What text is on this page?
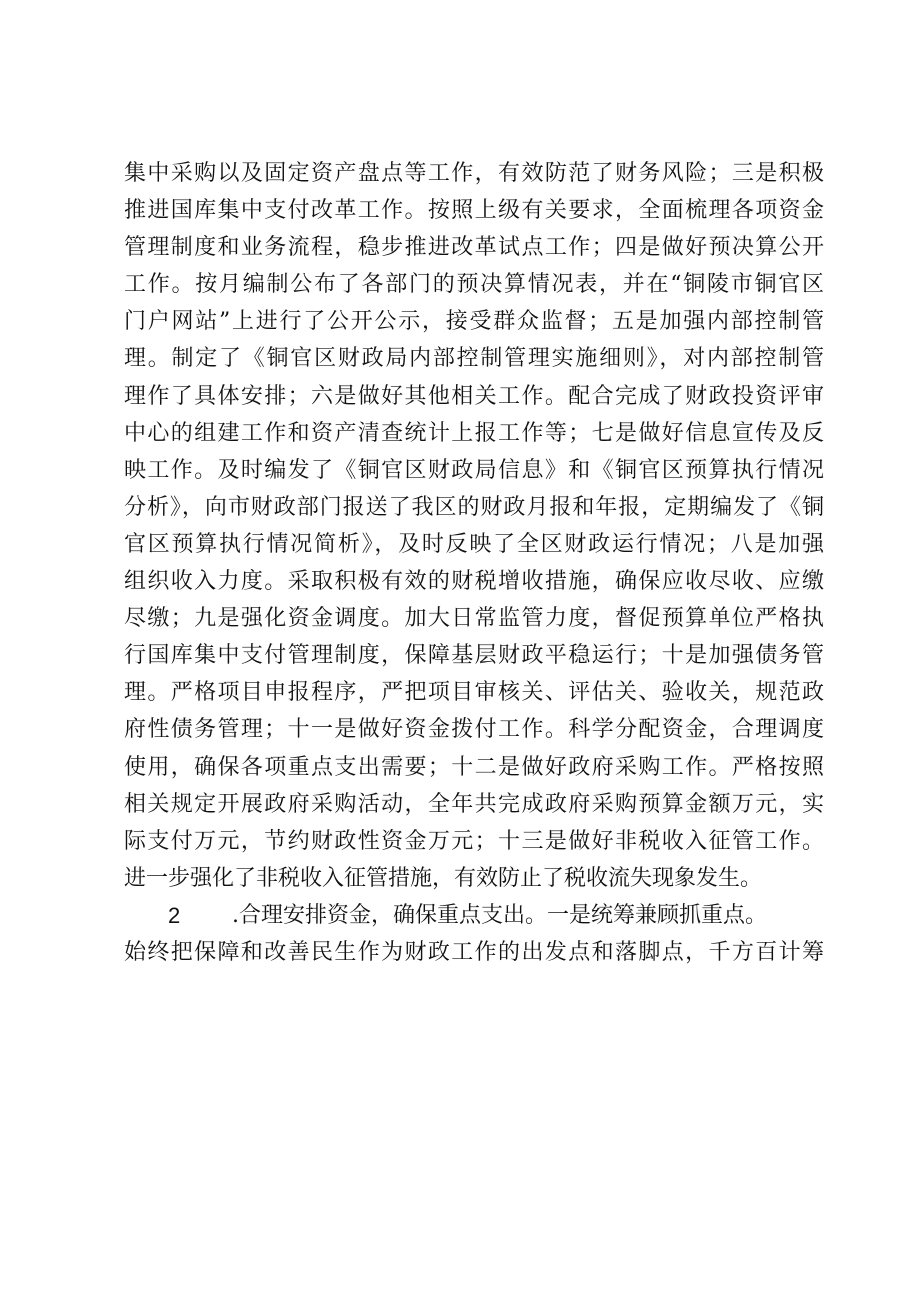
集中采购以及固定资产盘点等工作，有效防范了财务风险；三是积极
推进国库集中支付改革工作。按照上级有关要求，全面梳理各项资金
管理制度和业务流程，稳步推进改革试点工作；四是做好预决算公开
工作。按月编制公布了各部门的预决算情况表，并在“铜陵市铜官区
门户网站”上进行了公开公示，接受群众监督；五是加强内部控制管
理。制定了《铜官区财政局内部控制管理实施细则》，对内部控制管
理作了具体安排；六是做好其他相关工作。配合完成了财政投资评审
中心的组建工作和资产清查统计上报工作等；七是做好信息宣传及反
映工作。及时编发了《铜官区财政局信息》和《铜官区预算执行情况
分析》，向市财政部门报送了我区的财政月报和年报，定期编发了《铜
官区预算执行情况简析》，及时反映了全区财政运行情况；八是加强
组织收入力度。采取积极有效的财税增收措施，确保应收尽收、应缴
尽缴；九是强化资金调度。加大日常监管力度，督促预算单位严格执
行国库集中支付管理制度，保障基层财政平稳运行；十是加强债务管
理。严格项目申报程序，严把项目审核关、评估关、验收关，规范政
府性债务管理；十一是做好资金拨付工作。科学分配资金，合理调度
使用，确保各项重点支出需要；十二是做好政府采购工作。严格按照
相关规定开展政府采购活动，全年共完成政府采购预算金额万元，实
际支付万元，节约财政性资金万元；十三是做好非税收入征管工作。
进一步强化了非税收入征管措施，有效防止了税收流失现象发生。
2	.合理安排资金，确保重点支出。一是统筹兼顾抓重点。
始终把保障和改善民生作为财政工作的出发点和落脚点，千方百计筹
